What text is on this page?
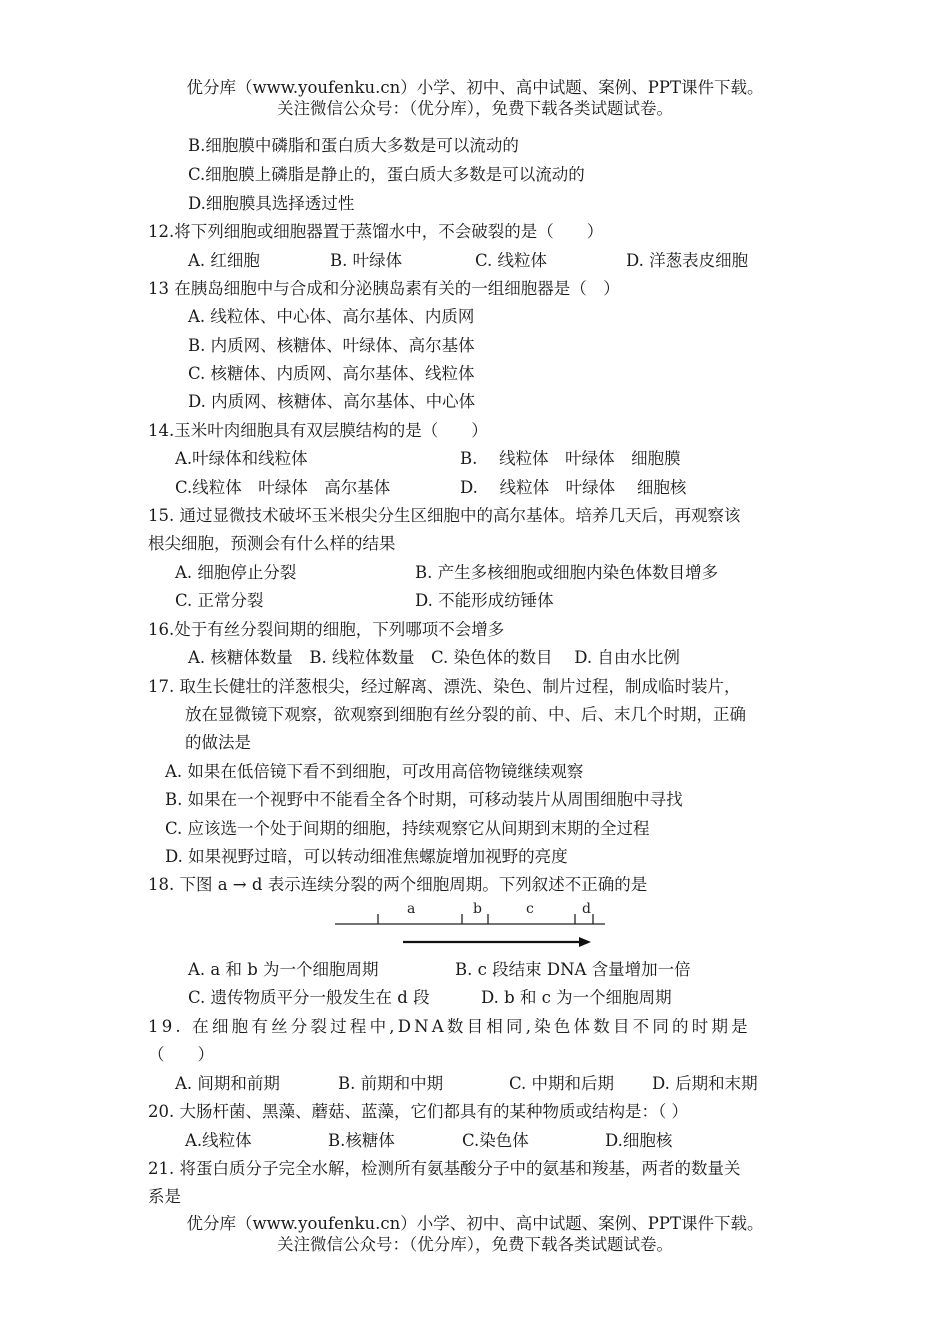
优分库（www.youfenku.cn）小学、初中、高中试题、案例、PPT课件下载。
关注微信公众号：（优分库），免费下载各类试题试卷。
B.细胞膜中磷脂和蛋白质大多数是可以流动的
C.细胞膜上磷脂是静止的，蛋白质大多数是可以流动的
D.细胞膜具选择透过性
12.将下列细胞或细胞器置于蒸馏水中，不会破裂的是（　　）
A. 红细胞	B. 叶绿体	C. 线粒体	D. 洋葱表皮细胞
13 在胰岛细胞中与合成和分泌胰岛素有关的一组细胞器是（　）
A. 线粒体、中心体、高尔基体、内质网
B. 内质网、核糖体、叶绿体、高尔基体
C. 核糖体、内质网、高尔基体、线粒体
D. 内质网、核糖体、高尔基体、中心体
14.玉米叶肉细胞具有双层膜结构的是（　　）
A.叶绿体和线粒体	B.　 线粒体　叶绿体　细胞膜
C.线粒体　叶绿体　高尔基体	D.　 线粒体　叶绿体　 细胞核
15. 通过显微技术破坏玉米根尖分生区细胞中的高尔基体。培养几天后，再观察该
根尖细胞，预测会有什么样的结果
A. 细胞停止分裂	B. 产生多核细胞或细胞内染色体数目增多
C. 正常分裂	D. 不能形成纺锤体
16.处于有丝分裂间期的细胞，下列哪项不会增多
A. 核糖体数量　B. 线粒体数量　C. 染色体的数目　 D. 自由水比例
17. 取生长健壮的洋葱根尖，经过解离、漂洗、染色、制片过程，制成临时装片，
放在显微镜下观察，欲观察到细胞有丝分裂的前、中、后、末几个时期，正确
的做法是
A. 如果在低倍镜下看不到细胞，可改用高倍物镜继续观察
B. 如果在一个视野中不能看全各个时期，可移动装片从周围细胞中寻找
C. 应该选一个处于间期的细胞，持续观察它从间期到末期的全过程
D. 如果视野过暗，可以转动细准焦螺旋增加视野的亮度
18. 下图 a → d 表示连续分裂的两个细胞周期。下列叙述不正确的是
a	b	c	d
A. a 和 b 为一个细胞周期	B. c 段结束 DNA 含量增加一倍
C. 遗传物质平分一般发生在 d 段	D. b 和 c 为一个细胞周期
19. 在细胞有丝分裂过程中,DNA数目相同,染色体数目不同的时期是
（　　）
A. 间期和前期	B. 前期和中期	C. 中期和后期 D. 后期和末期
20. 大肠杆菌、黑藻、蘑菇、蓝藻，它们都具有的某种物质或结构是：（ ）
A.线粒体	B.核糖体	C.染色体	D.细胞核
21. 将蛋白质分子完全水解，检测所有氨基酸分子中的氨基和羧基，两者的数量关
系是
优分库（www.youfenku.cn）小学、初中、高中试题、案例、PPT课件下载。
关注微信公众号：（优分库），免费下载各类试题试卷。
